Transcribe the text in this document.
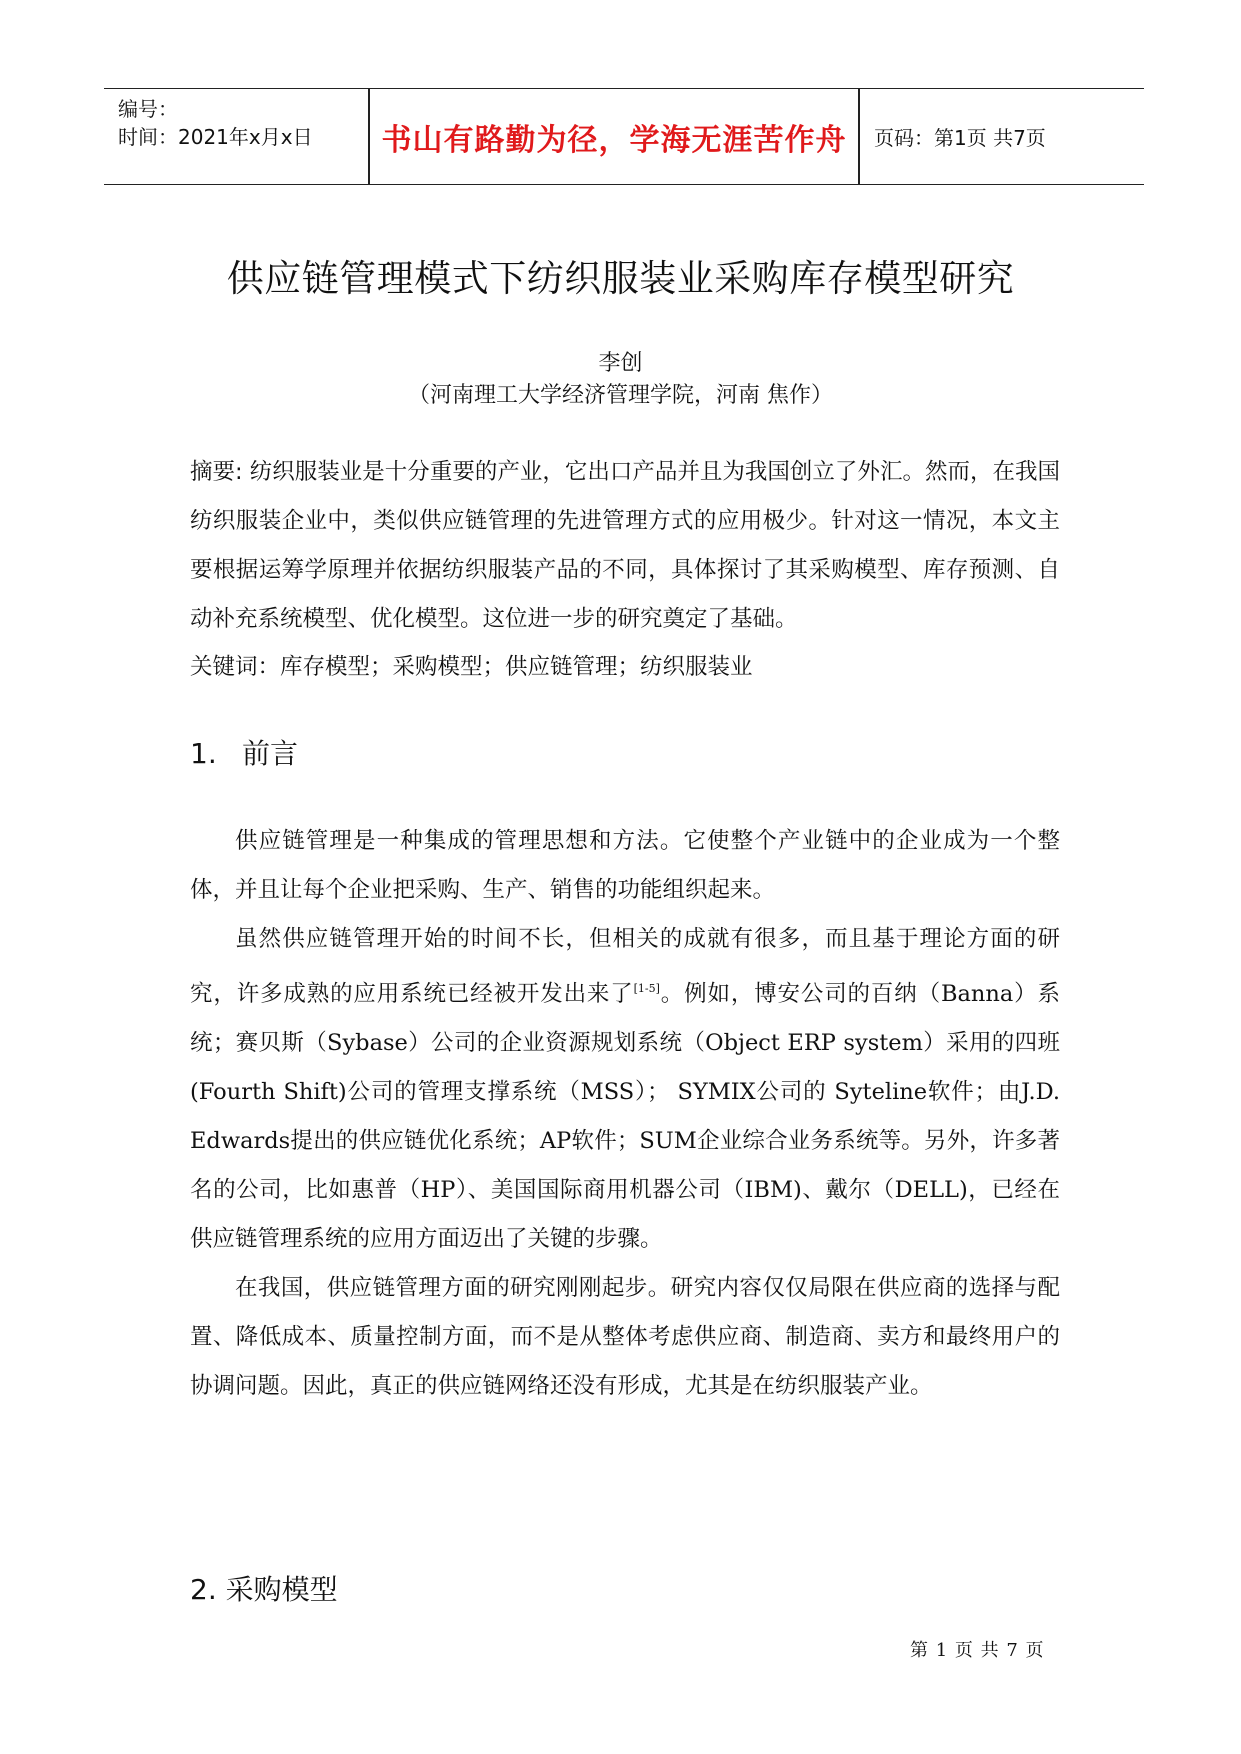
编号：
时间：2021年x月x日	书山有路勤为径，学海无涯苦作舟	页码：第1页 共7页
供应链管理模式下纺织服装业采购库存模型研究
李创
（河南理工大学经济管理学院，河南 焦作）
摘要: 纺织服装业是十分重要的产业，它出口产品并且为我国创立了外汇。然而，在我国纺织服装企业中，类似供应链管理的先进管理方式的应用极少。针对这一情况，本文主要根据运筹学原理并依据纺织服装产品的不同，具体探讨了其采购模型、库存预测、自动补充系统模型、优化模型。这位进一步的研究奠定了基础。
关键词：库存模型；采购模型；供应链管理；纺织服装业
1. 前言

供应链管理是一种集成的管理思想和方法。它使整个产业链中的企业成为一个整体，并且让每个企业把采购、生产、销售的功能组织起来。

虽然供应链管理开始的时间不长，但相关的成就有很多，而且基于理论方面的研究，许多成熟的应用系统已经被开发出来了[1-5]。例如，博安公司的百纳（Banna）系统；赛贝斯（Sybase）公司的企业资源规划系统（Object ERP system）采用的四班(Fourth Shift)公司的管理支撑系统（MSS）； SYMIX公司的 Syteline软件；由J.D. Edwards提出的供应链优化系统；AP软件；SUM企业综合业务系统等。另外，许多著名的公司，比如惠普（HP）、美国国际商用机器公司（IBM)、戴尔（DELL)，已经在供应链管理系统的应用方面迈出了关键的步骤。

在我国，供应链管理方面的研究刚刚起步。研究内容仅仅局限在供应商的选择与配置、降低成本、质量控制方面，而不是从整体考虑供应商、制造商、卖方和最终用户的协调问题。因此，真正的供应链网络还没有形成，尤其是在纺织服装产业。

2. 采购模型
第 1 页 共 7 页
